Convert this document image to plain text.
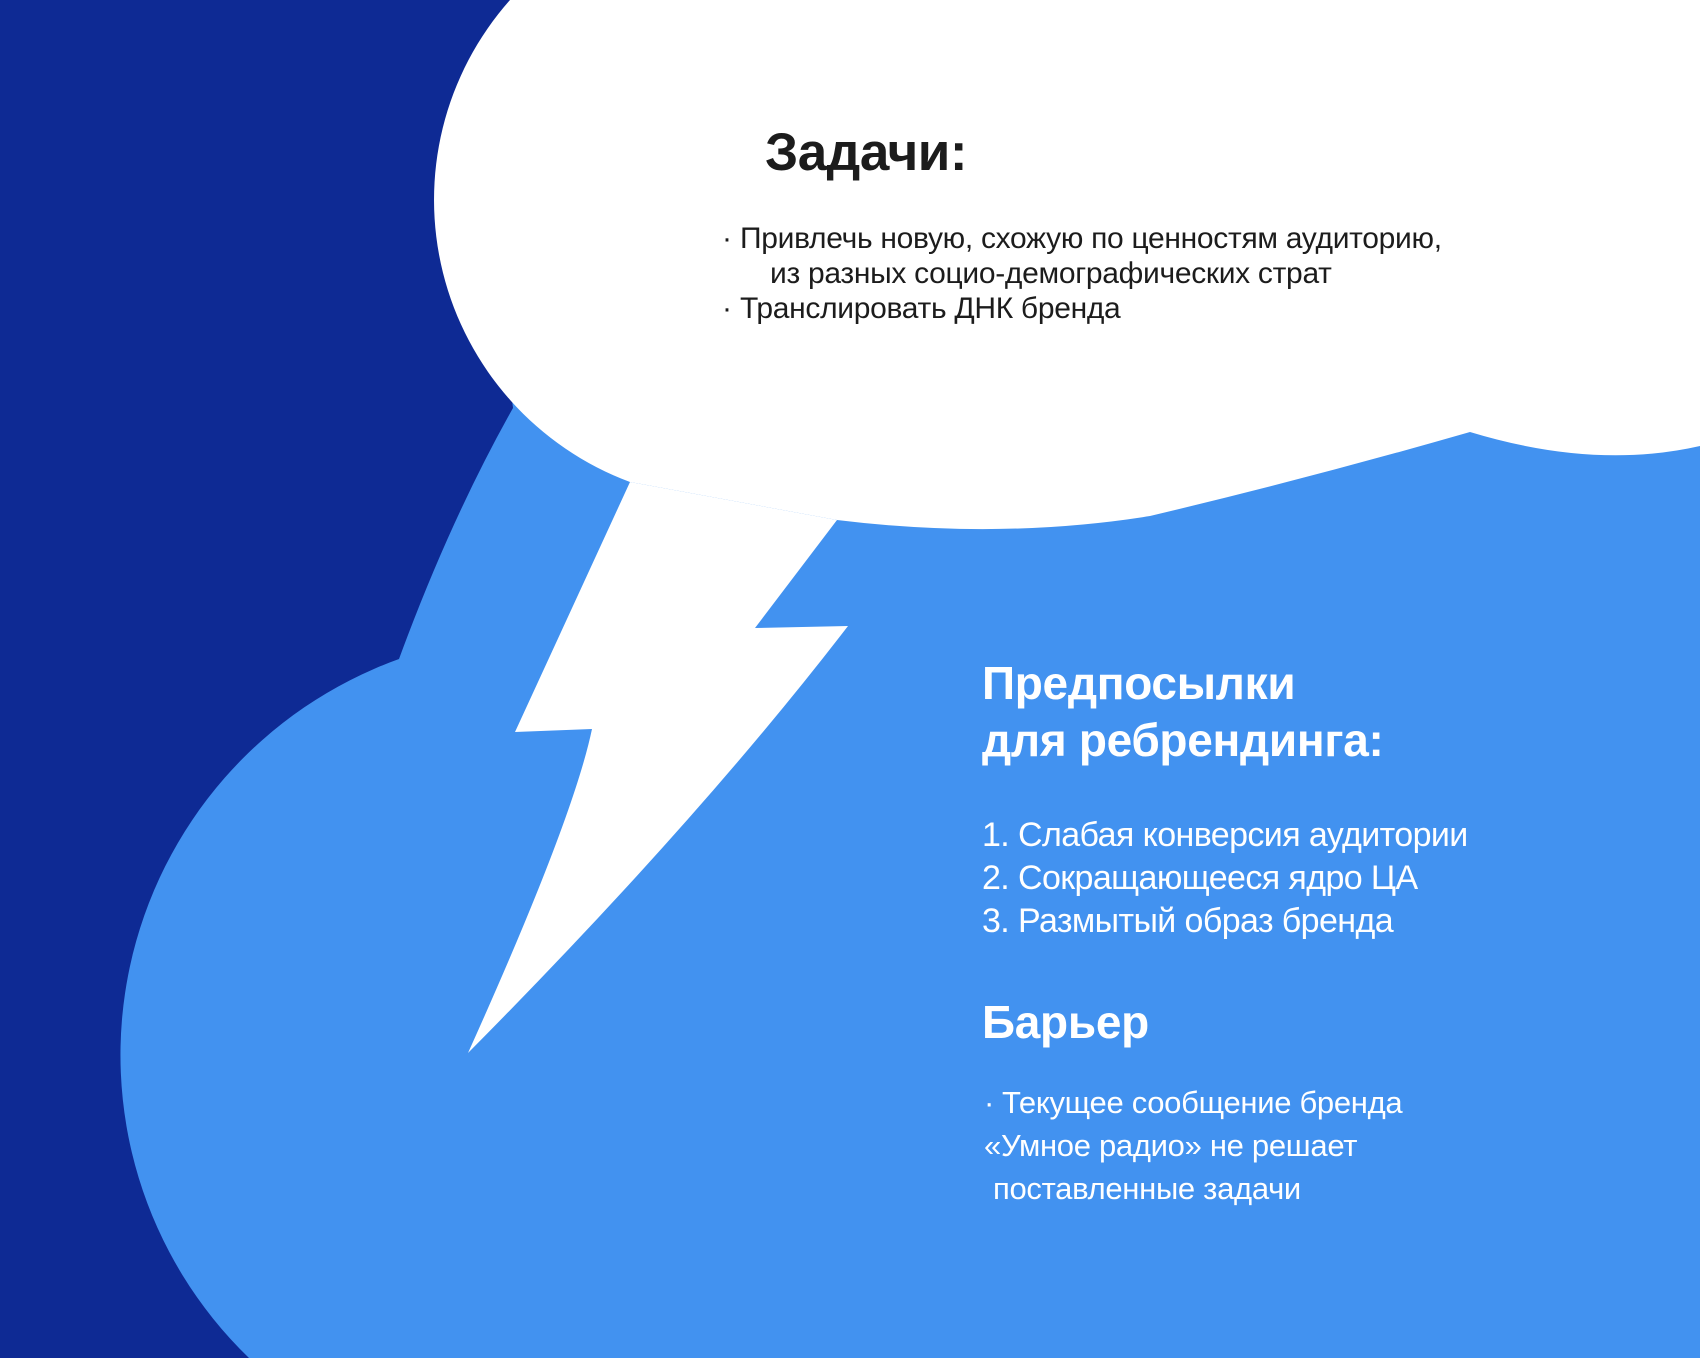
Задачи:
· Привлечь новую, схожую по ценностям аудиторию,
из разных социо-демографических страт
· Транслировать ДНК бренда
Предпосылки
для ребрендинга:
1. Слабая конверсия аудитории
2. Сокращающееся ядро ЦА
3. Размытый образ бренда
Барьер
· Текущее сообщение бренда
«Умное радио» не решает
поставленные задачи
